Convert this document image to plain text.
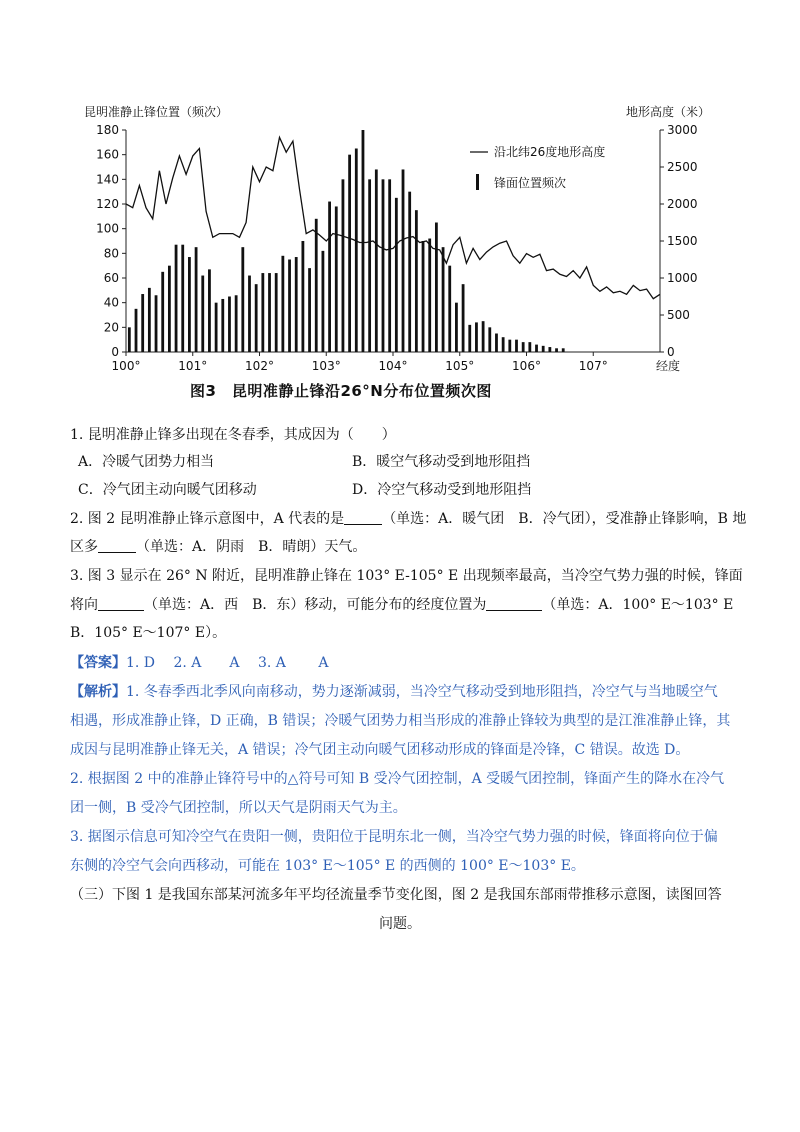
昆明准静止锋位置（频次）	地形高度（米）
0
20
40
60
80
100
120
140
160
180
0
500
1000
1500
2000
2500
3000
100°	101°	102°	103°	104°	105°	106°	107°	经度
沿北纬26度地形高度
锋面位置频次
图3　昆明准静止锋沿26°N分布位置频次图
1. 昆明准静止锋多出现在冬春季，其成因为（　　）
A．冷暖气团势力相当	B．暖空气移动受到地形阻挡
C．冷气团主动向暖气团移动	D．冷空气移动受到地形阻挡
2. 图 2 昆明准静止锋示意图中，A 代表的是	（单选：A．暖气团　B．冷气团），受准静止锋影响，B 地
区多	（单选：A．阴雨　B．晴朗）天气。
3. 图 3 显示在 26° N 附近，昆明准静止锋在 103° E-105° E 出现频率最高，当冷空气势力强的时候，锋面
将向	（单选：A．西　B．东）移动，可能分布的经度位置为	（单选：A．100° E～103° E
B．105° E～107° E）。
【答案】1. D　 2. A　　A　 3. A　　 A
【解析】1. 冬春季西北季风向南移动，势力逐渐减弱，当冷空气移动受到地形阻挡，冷空气与当地暖空气
相遇，形成准静止锋，D 正确，B 错误；冷暖气团势力相当形成的准静止锋较为典型的是江淮准静止锋，其
成因与昆明准静止锋无关，A 错误；冷气团主动向暖气团移动形成的锋面是冷锋，C 错误。故选 D。
2. 根据图 2 中的准静止锋符号中的△符号可知 B 受冷气团控制，A 受暖气团控制，锋面产生的降水在冷气
团一侧，B 受冷气团控制，所以天气是阴雨天气为主。
3. 据图示信息可知冷空气在贵阳一侧，贵阳位于昆明东北一侧，当冷空气势力强的时候，锋面将向位于偏
东侧的冷空气会向西移动，可能在 103° E～105° E 的西侧的 100° E～103° E。
（三）下图 1 是我国东部某河流多年平均径流量季节变化图，图 2 是我国东部雨带推移示意图，读图回答
问题。
